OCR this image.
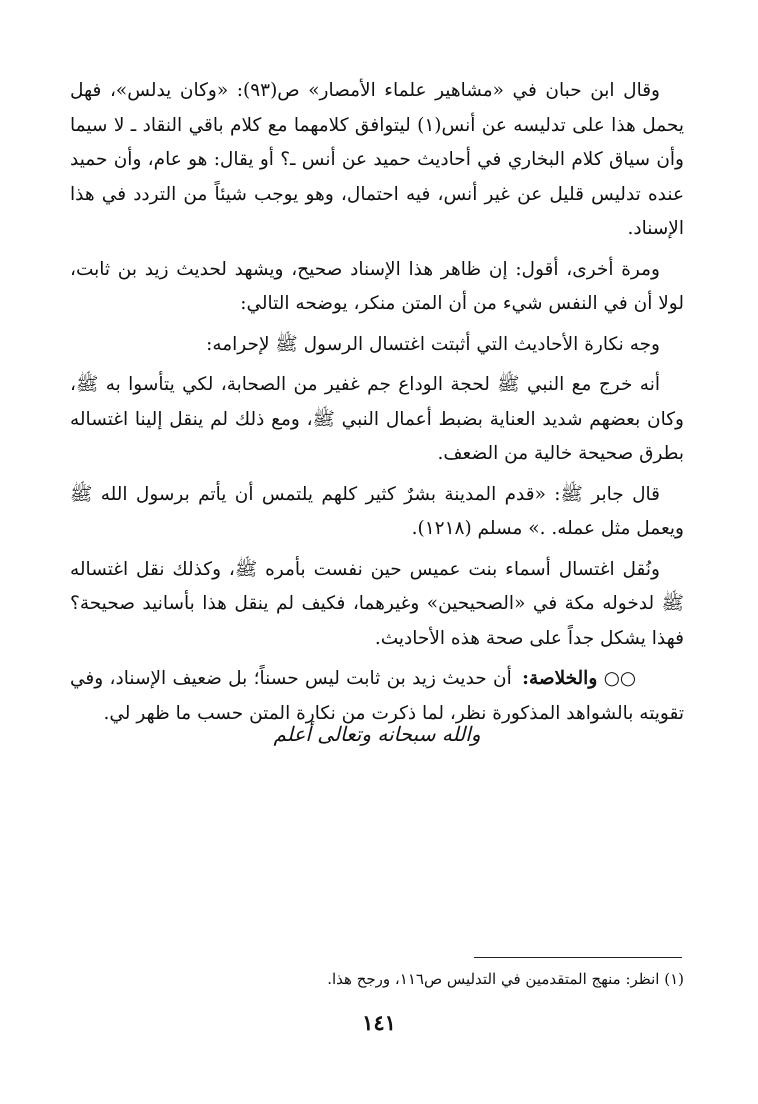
وقال ابن حبان في «مشاهير علماء الأمصار» ص(٩٣): «وكان يدلس»، فهل يحمل هذا على تدليسه عن أنس(١) ليتوافق كلامهما مع كلام باقي النقاد ـ لا سيما وأن سياق كلام البخاري في أحاديث حميد عن أنس ـ؟ أو يقال: هو عام، وأن حميد عنده تدليس قليل عن غير أنس، فيه احتمال، وهو يوجب شيئاً من التردد في هذا الإسناد.

ومرة أخرى، أقول: إن ظاهر هذا الإسناد صحيح، ويشهد لحديث زيد بن ثابت، لولا أن في النفس شيء من أن المتن منكر، يوضحه التالي:

وجه نكارة الأحاديث التي أثبتت اغتسال الرسول ﷺ لإحرامه:

أنه خرج مع النبي ﷺ لحجة الوداع جم غفير من الصحابة، لكي يتأسوا به ﷺ، وكان بعضهم شديد العناية بضبط أعمال النبي ﷺ، ومع ذلك لم ينقل إلينا اغتساله بطرق صحيحة خالية من الضعف.

قال جابر ﷺ: «قدم المدينة بشرٌ كثير كلهم يلتمس أن يأتم برسول الله ﷺ ويعمل مثل عمله. .» مسلم (١٢١٨).

ونُقل اغتسال أسماء بنت عميس حين نفست بأمره ﷺ، وكذلك نقل اغتساله ﷺ لدخوله مكة في «الصحيحين» وغيرهما، فكيف لم ينقل هذا بأسانيد صحيحة؟ فهذا يشكل جداً على صحة هذه الأحاديث.

○○ والخلاصة: أن حديث زيد بن ثابت ليس حسناً؛ بل ضعيف الإسناد، وفي تقويته بالشواهد المذكورة نظر، لما ذكرت من نكارة المتن حسب ما ظهر لي.

والله سبحانه وتعالى أعلم
(١) انظر: منهج المتقدمين في التدليس ص١١٦، ورجح هذا.
١٤١
